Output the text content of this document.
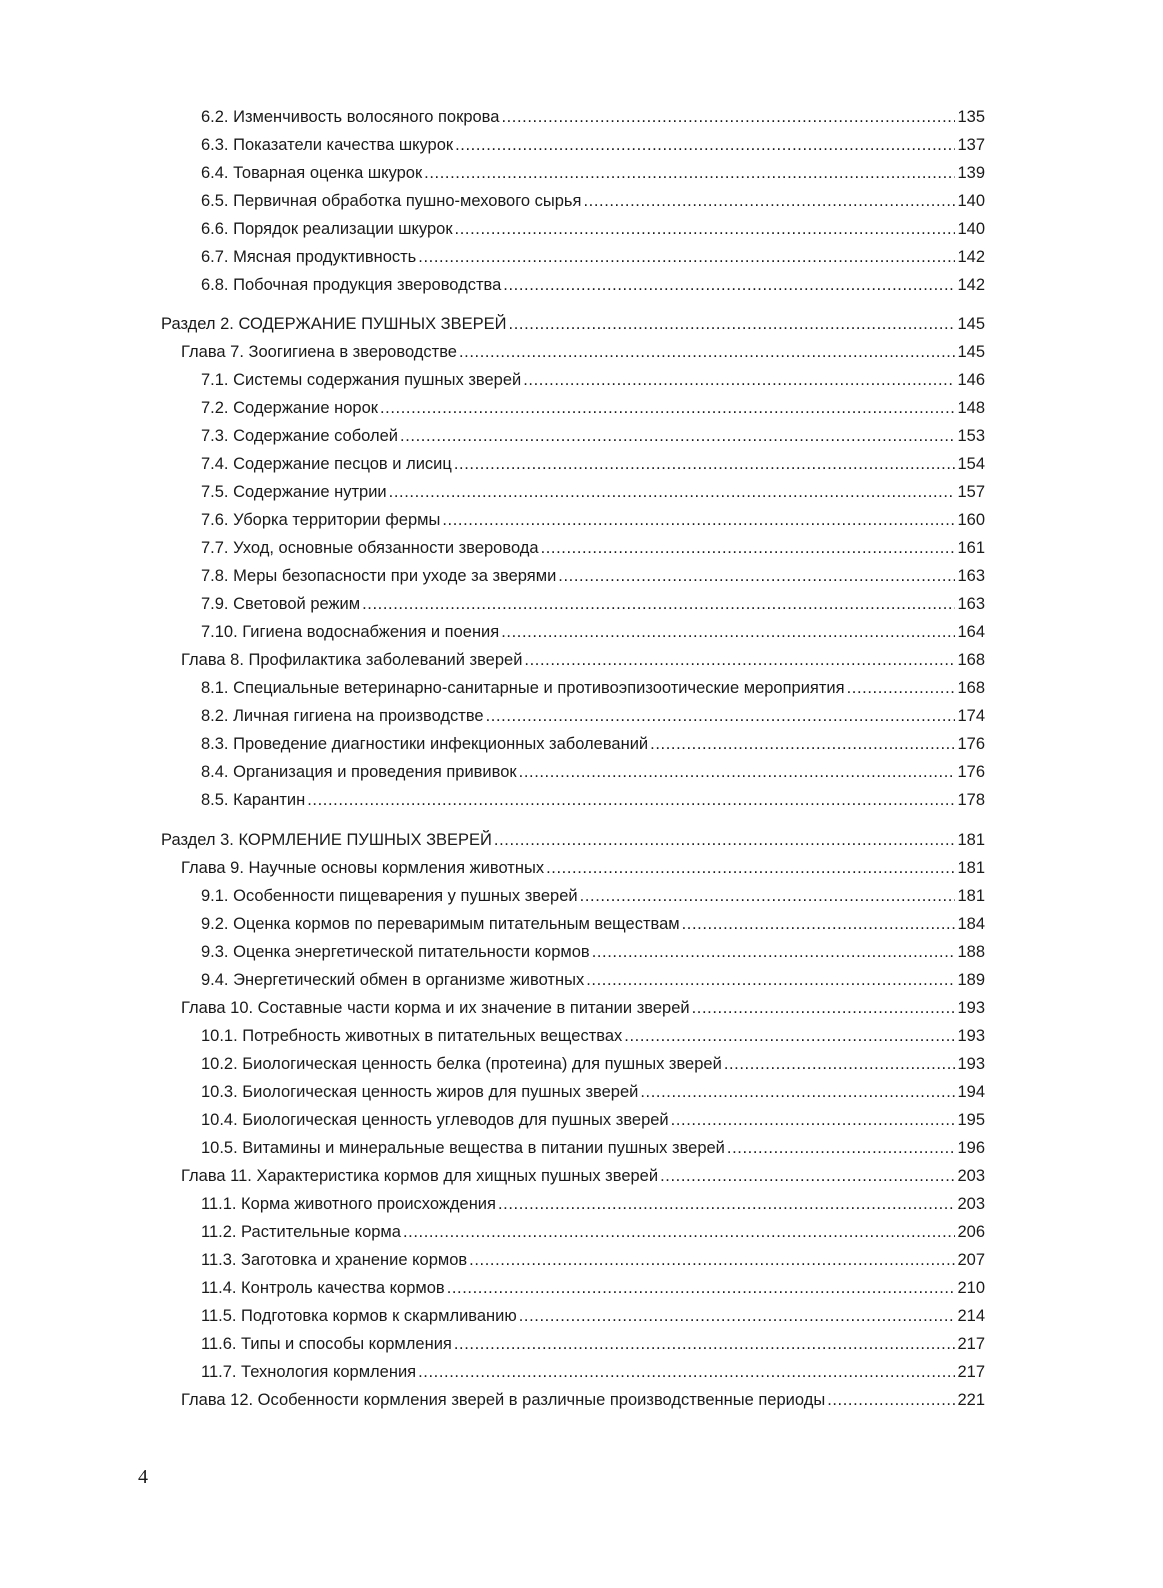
6.2. Изменчивость волосяного покрова .....	135
6.3. Показатели качества шкурок .....	137
6.4. Товарная оценка шкурок .....	139
6.5. Первичная обработка пушно-мехового сырья .....	140
6.6. Порядок реализации шкурок .....	140
6.7. Мясная продуктивность .....	142
6.8. Побочная продукция звероводства .....	142
Раздел 2. СОДЕРЖАНИЕ ПУШНЫХ ЗВЕРЕЙ .....	145
Глава 7. Зоогигиена в звероводстве .....	145
7.1. Системы содержания пушных зверей .....	146
7.2. Содержание норок .....	148
7.3. Содержание соболей .....	153
7.4. Содержание песцов и лисиц .....	154
7.5. Содержание нутрии .....	157
7.6. Уборка территории фермы .....	160
7.7. Уход, основные обязанности зверовода .....	161
7.8. Меры безопасности при уходе за зверями .....	163
7.9. Световой режим .....	163
7.10. Гигиена водоснабжения и поения .....	164
Глава 8. Профилактика заболеваний зверей .....	168
8.1. Специальные ветеринарно-санитарные и противоэпизоотические мероприятия .....	168
8.2. Личная гигиена на производстве .....	174
8.3. Проведение диагностики инфекционных заболеваний .....	176
8.4. Организация и проведения прививок .....	176
8.5. Карантин .....	178
Раздел 3. КОРМЛЕНИЕ ПУШНЫХ ЗВЕРЕЙ .....	181
Глава 9. Научные основы кормления животных .....	181
9.1. Особенности пищеварения у пушных зверей .....	181
9.2. Оценка кормов по переваримым питательным веществам .....	184
9.3. Оценка энергетической питательности кормов .....	188
9.4. Энергетический обмен в организме животных .....	189
Глава 10. Составные части корма и их значение в питании зверей .....	193
10.1. Потребность животных в питательных веществах .....	193
10.2. Биологическая ценность белка (протеина) для пушных зверей .....	193
10.3. Биологическая ценность жиров для пушных зверей .....	194
10.4. Биологическая ценность углеводов для пушных зверей .....	195
10.5. Витамины и минеральные вещества в питании пушных зверей .....	196
Глава 11. Характеристика кормов для хищных пушных зверей .....	203
11.1. Корма животного происхождения .....	203
11.2. Растительные корма .....	206
11.3. Заготовка и хранение кормов .....	207
11.4. Контроль качества кормов .....	210
11.5. Подготовка кормов к скармливанию .....	214
11.6. Типы и способы кормления .....	217
11.7. Технология кормления .....	217
Глава 12. Особенности кормления зверей в различные производственные периоды .....	221
4
